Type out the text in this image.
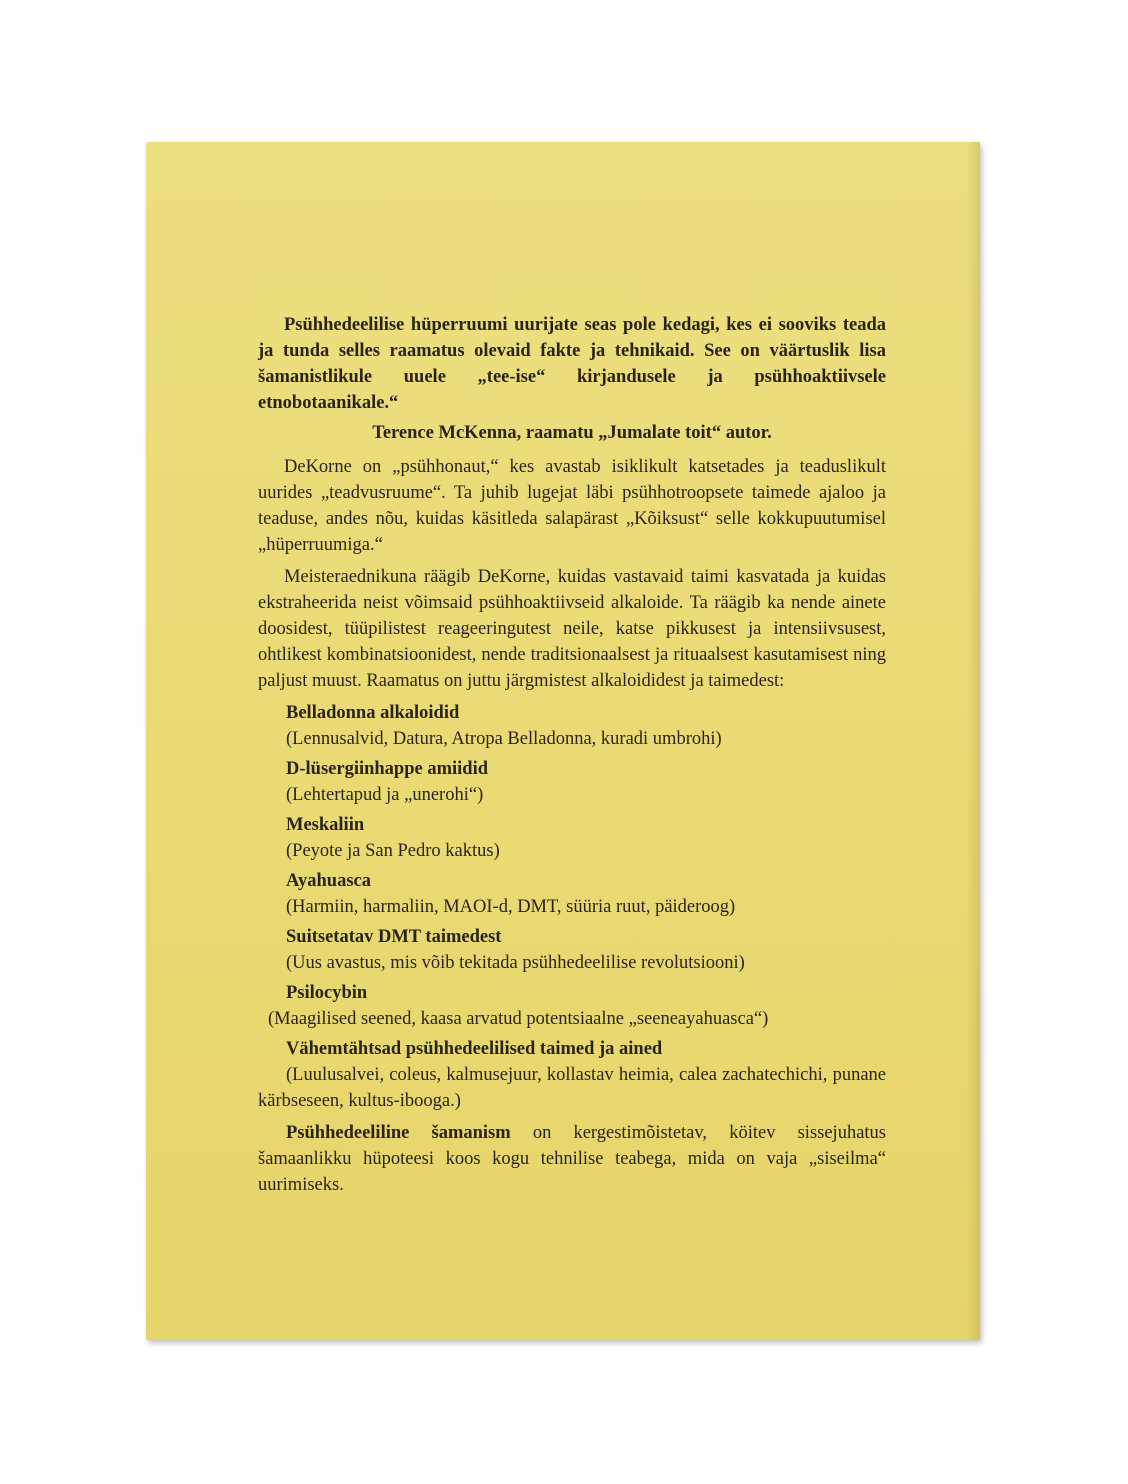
Psühhedeelilise hüperruumi uurijate seas pole kedagi, kes ei sooviks teada ja tunda selles raamatus olevaid fakte ja tehnikaid. See on väärtuslik lisa šamanistlikule uuele „tee-ise“ kirjandusele ja psühhoaktiivsele etnobotaanikale.“

Terence McKenna, raamatu „Jumalate toit“ autor.

DeKorne on „psühhonaut,“ kes avastab isiklikult katsetades ja teaduslikult uurides „teadvusruume“. Ta juhib lugejat läbi psühhotroopsete taimede ajaloo ja teaduse, andes nõu, kuidas käsitleda salapärast „Kõiksust“ selle kokkupuutumisel „hüperruumiga.“

Meisteraednikuna räägib DeKorne, kuidas vastavaid taimi kasvatada ja kuidas ekstraheerida neist võimsaid psühhoaktiivseid alkaloide. Ta räägib ka nende ainete doosidest, tüüpilistest reageeringutest neile, katse pikkusest ja intensiivsusest, ohtlikest kombinatsioonidest, nende traditsionaalsest ja rituaalsest kasutamisest ning paljust muust. Raamatus on juttu järgmistest alkaloididest ja taimedest:

Belladonna alkaloidid
(Lennusalvid, Datura, Atropa Belladonna, kuradi umbrohi)
D-lüsergiinhappe amiidid
(Lehtertapud ja „unerohi“)
Meskaliin
(Peyote ja San Pedro kaktus)
Ayahuasca
(Harmiin, harmaliin, MAOI-d, DMT, süüria ruut, päideroog)
Suitsetatav DMT taimedest
(Uus avastus, mis võib tekitada psühhedeelilise revolutsiooni)
Psilocybin
(Maagilised seened, kaasa arvatud potentsiaalne „seeneayahuasca“)
Vähemtähtsad psühhedeelilised taimed ja ained
(Luulusalvei, coleus, kalmusejuur, kollastav heimia, calea zachatechichi, punane kärbseseen, kultus-ibooga.)

Psühhedeeliline šamanism on kergestimõistetav, köitev sissejuhatus šamaanlikku hüpoteesi koos kogu tehnilise teabega, mida on vaja „siseilma“ uurimiseks.
